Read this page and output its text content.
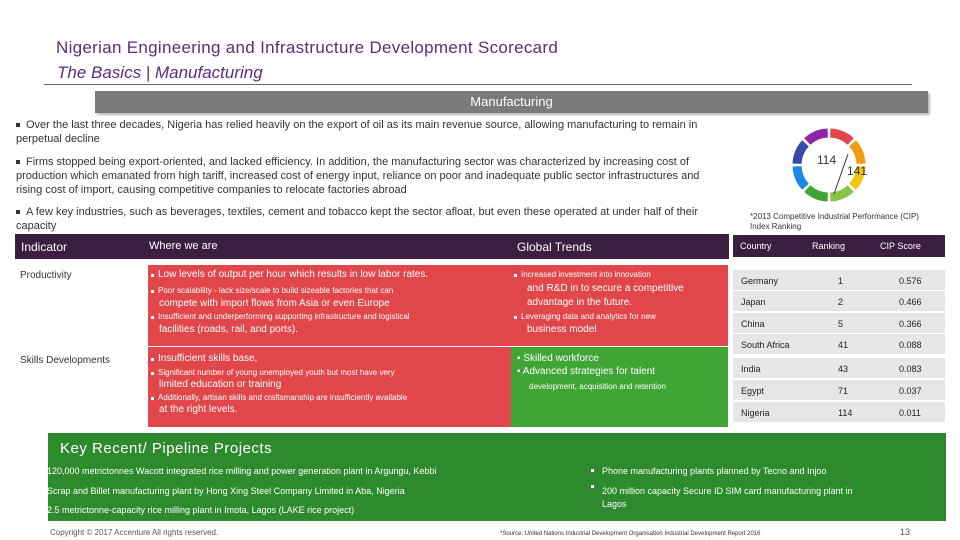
Nigerian Engineering and Infrastructure Development Scorecard
The Basics | Manufacturing
Manufacturing
Over the last three decades, Nigeria has relied heavily on the export of oil as its main revenue source, allowing manufacturing to remain in perpetual decline
Firms stopped being export-oriented, and lacked efficiency. In addition, the manufacturing sector was characterized by increasing cost of production which emanated from high tariff, increased cost of energy input, reliance on poor and inadequate public sector infrastructures and rising cost of import, causing competitive companies to relocate factories abroad
A few key industries, such as beverages, textiles, cement and tobacco kept the sector afloat, but even these operated at under half of their capacity
114
141
*2013 Competitive Industrial Performance (CIP) Index Ranking
Indicator	Where we are	Global Trends
Productivity	Low levels of output per hour which results in low labor rates.
Poor scalability - lack size/scale to build sizeable factories that can
compete with import flows from Asia or even Europe
Insufficient and underperforming supporting infrastructure and logistical
facilities (roads, rail, and ports).
Increased investment into innovation
and R&D in to secure a competitive
advantage in the future.
Leveraging data and analytics for new
business model
Skills Developments	Insufficient skills base,
Significant number of young unemployed youth but most have very
limited education or training
Additionally, artisan skills and craftsmanship are insufficiently available
at the right levels.
▪ Skilled workforce
▪ Advanced strategies for talent
development, acquisition and retention
Country	Ranking	CIP Score
Germany	1	0.576
Japan	2	0.466
China	5	0.366
South Africa	41	0.088
India	43	0.083
Egypt	71	0.037
Nigeria	114	0.011
Key Recent/ Pipeline Projects
120,000 metrictonnes Wacott integrated rice milling and power generation plant in Argungu, Kebbi
Scrap and Billet manufacturing plant by Hong Xing Steel Company Limited in Aba, Nigeria
2.5 metrictonne-capacity rice milling plant in Imota, Lagos (LAKE rice project)
Phone manufacturing plants planned by Tecno and Injoo
200 million capacity Secure ID SIM card manufacturing plant in
Lagos
Copyright © 2017 Accenture All rights reserved.	*Source: United Nations Industrial Development Organisation Industrial Development Report 2016	13
